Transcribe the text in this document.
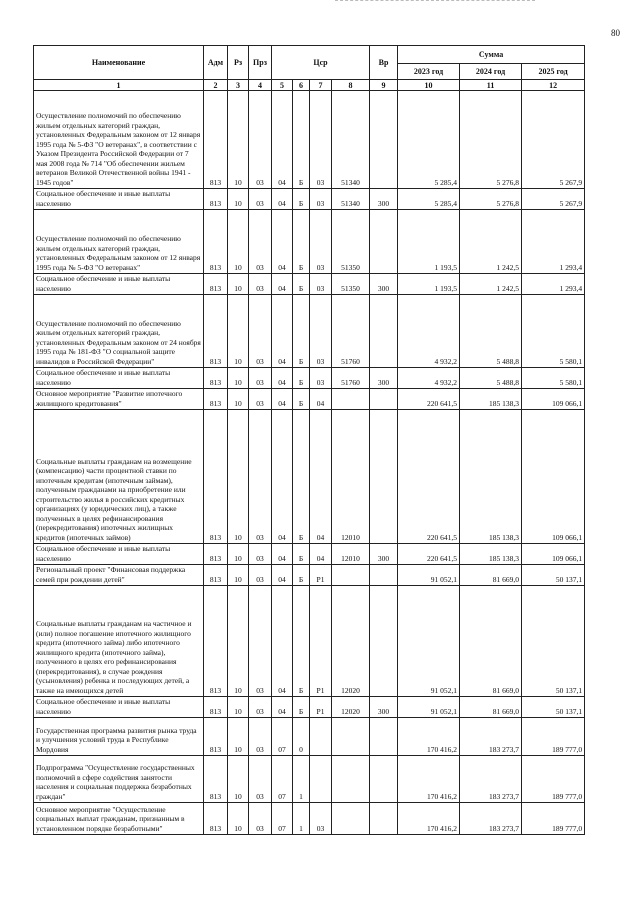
80
Наименование	Адм	Рз	Прз	Цср				Вр	Сумма		
									2023 год	2024 год	2025 год
1	2	3	4	5	6	7	8	9	10	11	12
Осуществление полномочий по обеспечению жильем отдельных категорий граждан, установленных Федеральным законом от 12 января 1995 года № 5-ФЗ "О ветеранах", в соответствии с Указом Президента Российской Федерации от 7 мая 2008 года № 714 "Об обеспечении жильем ветеранов Великой Отечественной войны 1941 - 1945 годов"	813	10	03	04	Б	03	51340		5 285,4	5 276,8	5 267,9
Социальное обеспечение и иные выплаты населению	813	10	03	04	Б	03	51340	300	5 285,4	5 276,8	5 267,9
Осуществление полномочий по обеспечению жильем отдельных категорий граждан, установленных Федеральным законом от 12 января 1995 года № 5-ФЗ "О ветеранах"	813	10	03	04	Б	03	51350		1 193,5	1 242,5	1 293,4
Социальное обеспечение и иные выплаты населению	813	10	03	04	Б	03	51350	300	1 193,5	1 242,5	1 293,4
Осуществление полномочий по обеспечению жильем отдельных категорий граждан, установленных Федеральным законом от 24 ноября 1995 года № 181-ФЗ "О социальной защите инвалидов в Российской Федерации"	813	10	03	04	Б	03	51760		4 932,2	5 488,8	5 580,1
Социальное обеспечение и иные выплаты населению	813	10	03	04	Б	03	51760	300	4 932,2	5 488,8	5 580,1
Основное мероприятие "Развитие ипотечного жилищного кредитования"	813	10	03	04	Б	04			220 641,5	185 138,3	109 066,1
Социальные выплаты гражданам на возмещение (компенсацию) части процентной ставки по ипотечным кредитам (ипотечным займам), полученным гражданами на приобретение или строительство жилья в российских кредитных организациях (у юридических лиц), а также полученных в целях рефинансирования (перекредитования) ипотечных жилищных кредитов (ипотечных займов)	813	10	03	04	Б	04	12010		220 641,5	185 138,3	109 066,1
Социальное обеспечение и иные выплаты населению	813	10	03	04	Б	04	12010	300	220 641,5	185 138,3	109 066,1
Региональный проект "Финансовая поддержка семей при рождении детей"	813	10	03	04	Б	P1			91 052,1	81 669,0	50 137,1
Социальные выплаты гражданам на частичное и (или) полное погашение ипотечного жилищного кредита (ипотечного займа) либо ипотечного жилищного кредита (ипотечного займа), полученного в целях его рефинансирования (перекредитования), в случае рождения (усыновления) ребенка и последующих детей, а также на имеющихся детей	813	10	03	04	Б	P1	12020		91 052,1	81 669,0	50 137,1
Социальное обеспечение и иные выплаты населению	813	10	03	04	Б	P1	12020	300	91 052,1	81 669,0	50 137,1
Государственная программа развития рынка труда и улучшения условий труда в Республике Мордовия	813	10	03	07	0				170 416,2	183 273,7	189 777,0
Подпрограмма "Осуществление государственных полномочий в сфере содействия занятости населения и социальная поддержка безработных граждан"	813	10	03	07	1				170 416,2	183 273,7	189 777,0
Основное мероприятие "Осуществление социальных выплат гражданам, признанным в установленном порядке безработными"	813	10	03	07	1	03			170 416,2	183 273,7	189 777,0
